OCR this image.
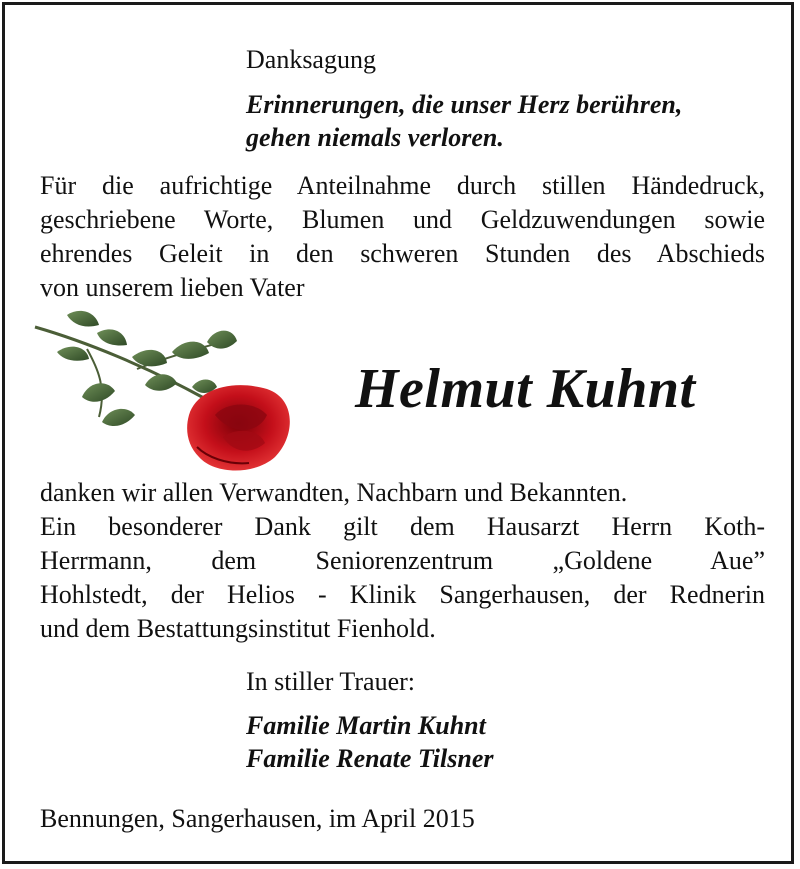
Danksagung
Erinnerungen, die unser Herz berühren,
gehen niemals verloren.
Für die aufrichtige Anteilnahme durch stillen Händedruck,
geschriebene Worte, Blumen und Geldzuwendungen sowie
ehrendes Geleit in den schweren Stunden des Abschieds
von unserem lieben Vater
Helmut Kuhnt
danken wir allen Verwandten, Nachbarn und Bekannten.
Ein besonderer Dank gilt dem Hausarzt Herrn Koth-
Herrmann, dem Seniorenzentrum „Goldene Aue”
Hohlstedt, der Helios - Klinik Sangerhausen, der Rednerin
und dem Bestattungsinstitut Fienhold.
In stiller Trauer:
Familie Martin Kuhnt
Familie Renate Tilsner
Bennungen, Sangerhausen, im April 2015
